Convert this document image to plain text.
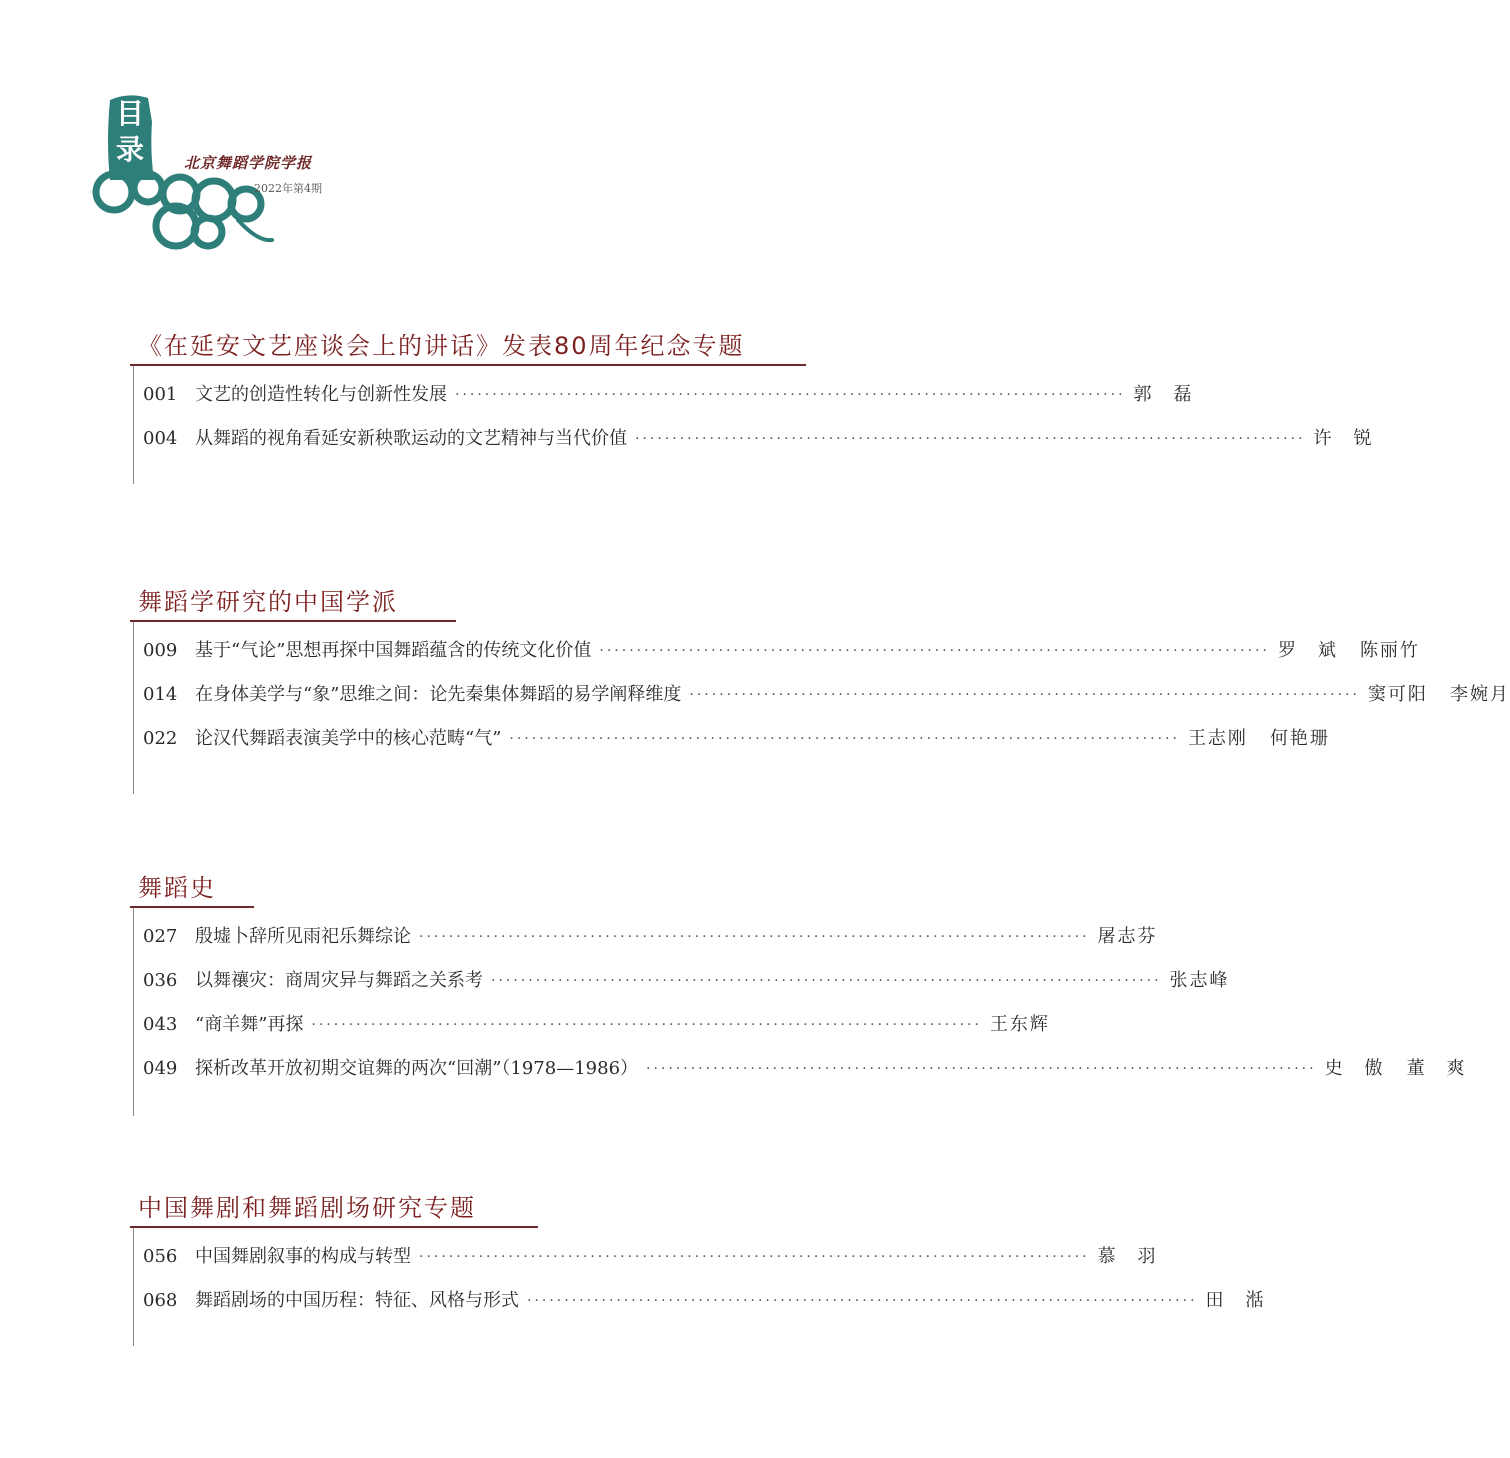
目
录	北京舞蹈学院学报
2022年第4期
《在延安文艺座谈会上的讲话》发表80周年纪念专题
001 文艺的创造性转化与创新性发展 ·························································································· 郭　磊
004 从舞蹈的视角看延安新秧歌运动的文艺精神与当代价值 ·························································································· 许　锐
舞蹈学研究的中国学派
009 基于“气论”思想再探中国舞蹈蕴含的传统文化价值 ·························································································· 罗　斌 陈丽竹
014 在身体美学与“象”思维之间：论先秦集体舞蹈的易学阐释维度 ·························································································· 窦可阳 李婉月
022 论汉代舞蹈表演美学中的核心范畴“气” ·························································································· 王志刚 何艳珊
舞蹈史
027 殷墟卜辞所见雨祀乐舞综论 ·························································································· 屠志芬
036 以舞禳灾：商周灾异与舞蹈之关系考 ·························································································· 张志峰
043 “商羊舞”再探 ·························································································· 王东辉
049 探析改革开放初期交谊舞的两次“回潮”（1978—1986） ·························································································· 史　傲 董　爽
中国舞剧和舞蹈剧场研究专题
056 中国舞剧叙事的构成与转型 ·························································································· 慕　羽
068 舞蹈剧场的中国历程：特征、风格与形式 ·························································································· 田　湉
